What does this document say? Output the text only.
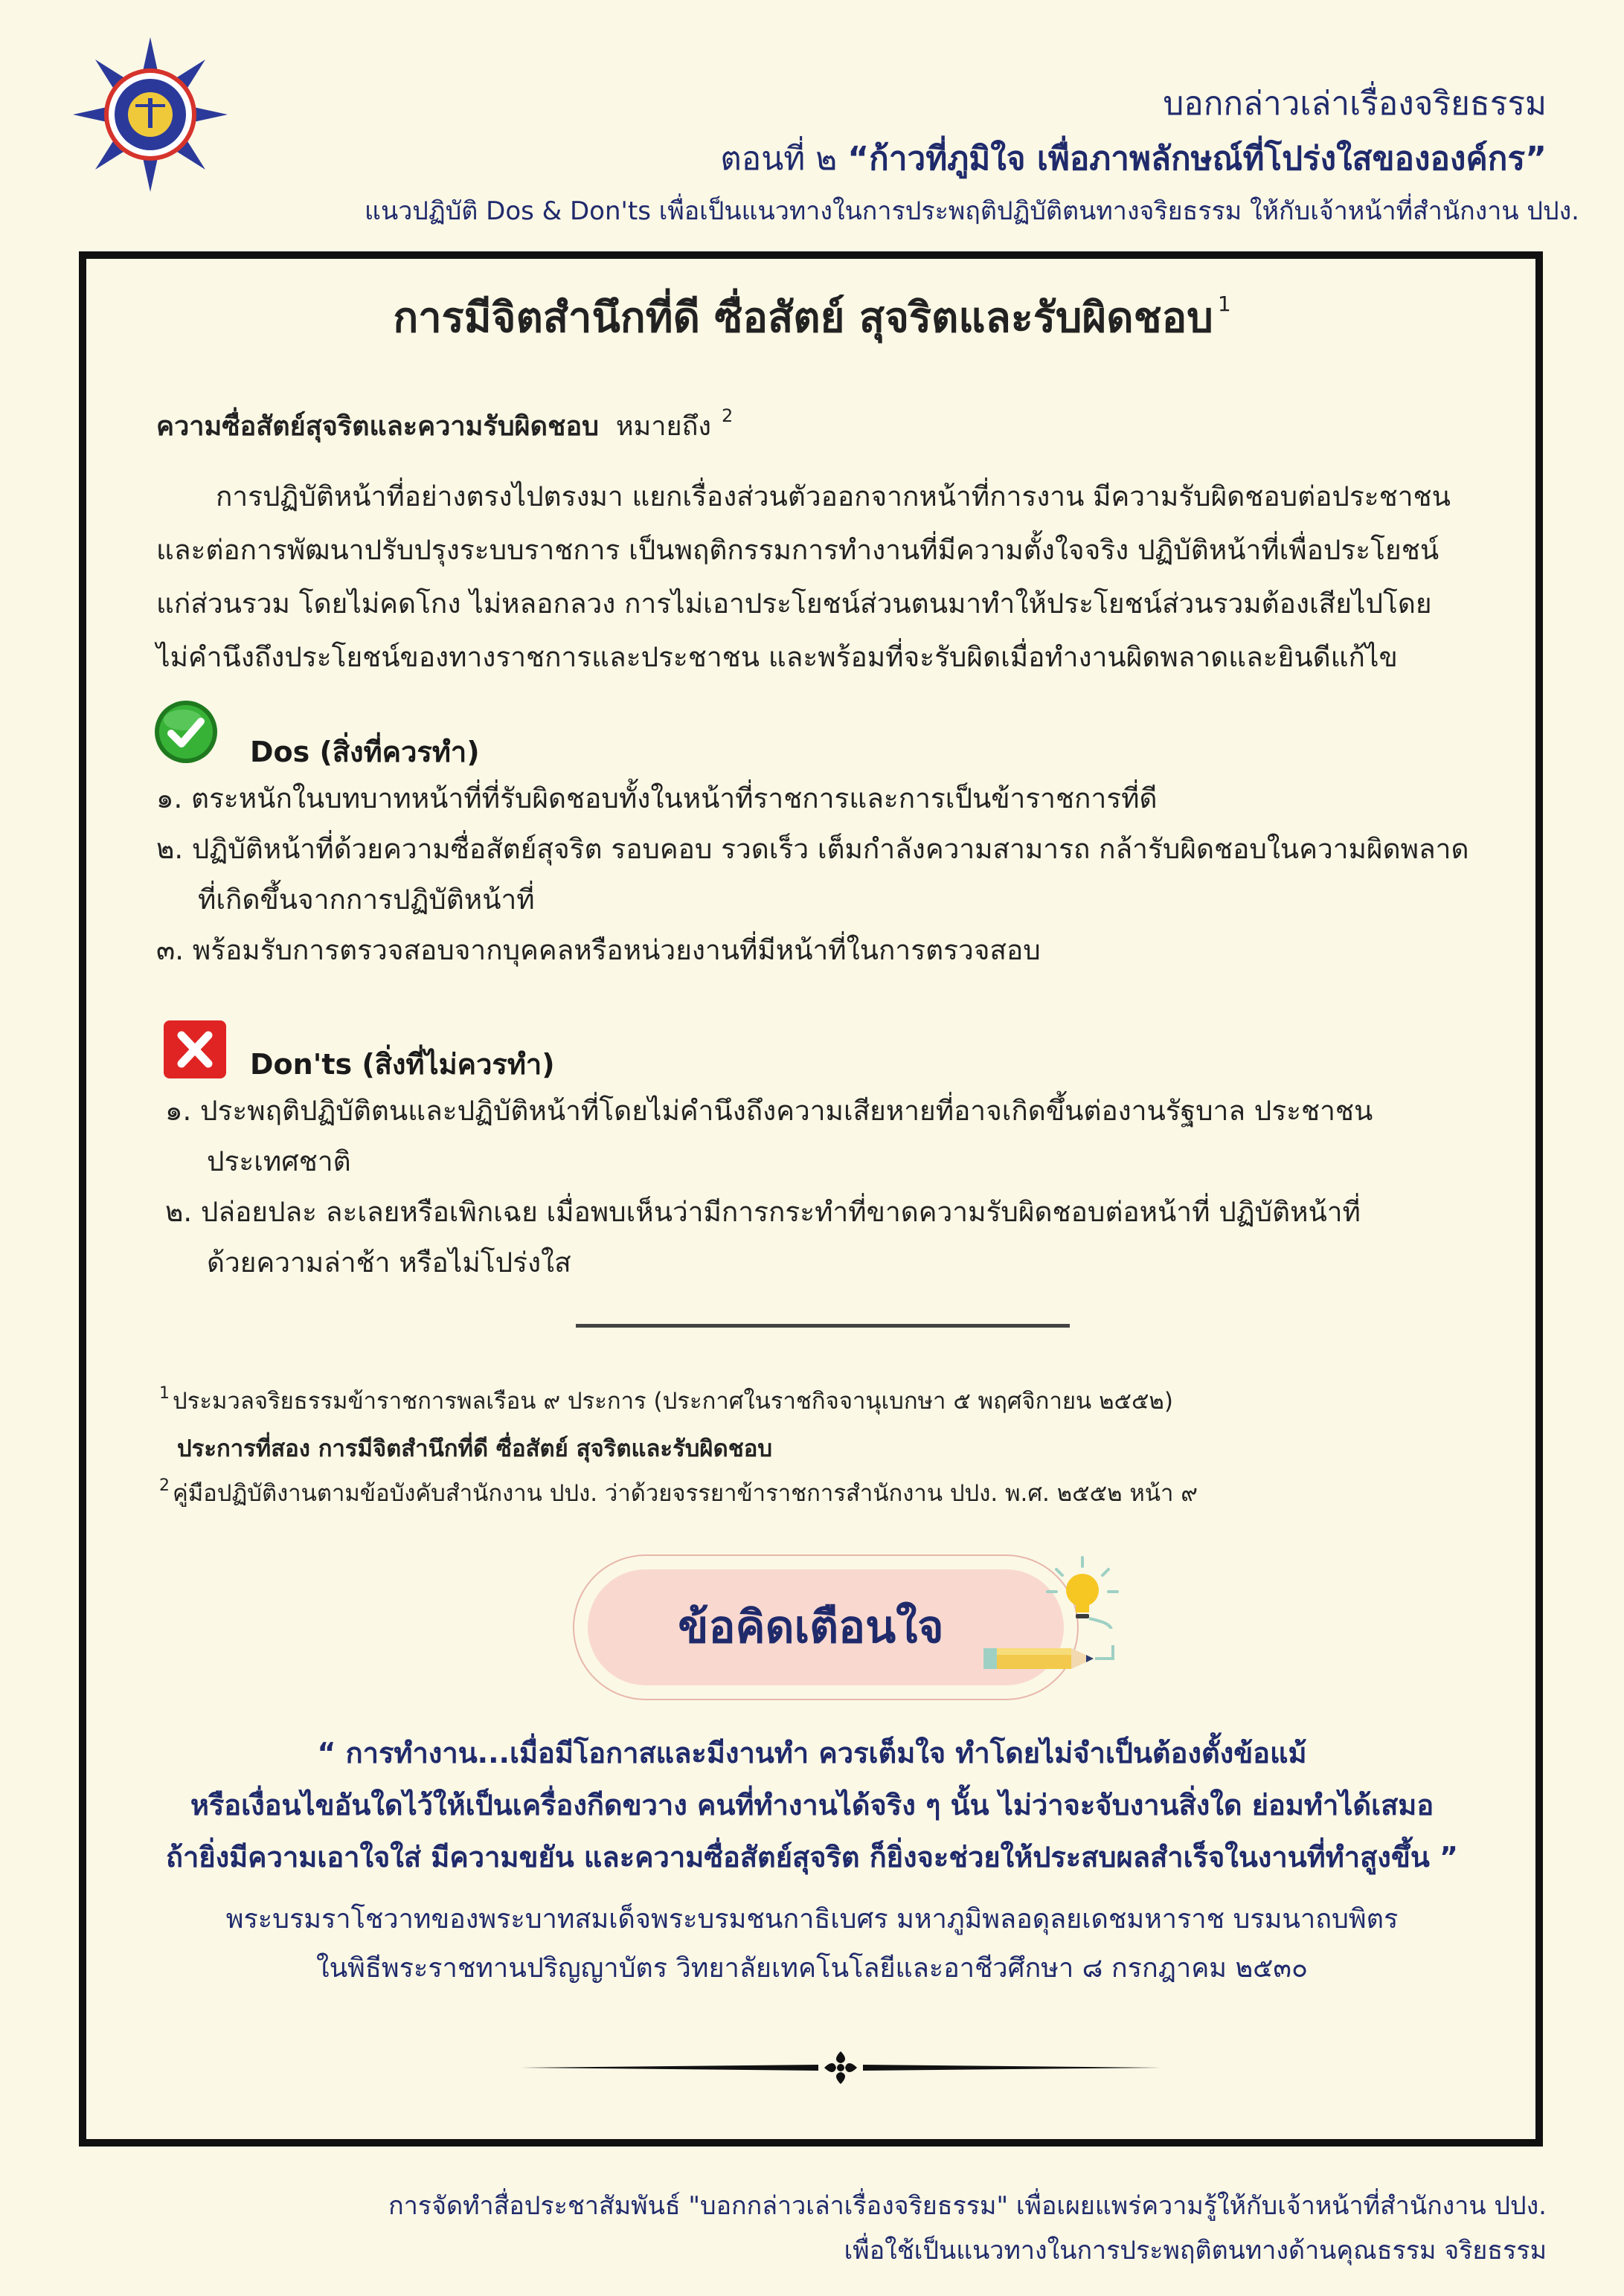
บอกกล่าวเล่าเรื่องจริยธรรม
ตอนที่ ๒ “ก้าวที่ภูมิใจ เพื่อภาพลักษณ์ที่โปร่งใสขององค์กร”
แนวปฏิบัติ Dos & Don'ts เพื่อเป็นแนวทางในการประพฤติปฏิบัติตนทางจริยธรรม ให้กับเจ้าหน้าที่สำนักงาน ปปง.
การมีจิตสำนึกที่ดี ซื่อสัตย์ สุจริตและรับผิดชอบ $^1$
ความซื่อสัตย์สุจริตและความรับผิดชอบ หมายถึง $^2$
การปฏิบัติหน้าที่อย่างตรงไปตรงมา แยกเรื่องส่วนตัวออกจากหน้าที่การงาน มีความรับผิดชอบต่อประชาชน
และต่อการพัฒนาปรับปรุงระบบราชการ เป็นพฤติกรรมการทำงานที่มีความตั้งใจจริง ปฏิบัติหน้าที่เพื่อประโยชน์
แก่ส่วนรวม โดยไม่คดโกง ไม่หลอกลวง การไม่เอาประโยชน์ส่วนตนมาทำให้ประโยชน์ส่วนรวมต้องเสียไปโดย
ไม่คำนึงถึงประโยชน์ของทางราชการและประชาชน และพร้อมที่จะรับผิดเมื่อทำงานผิดพลาดและยินดีแก้ไข
Dos (สิ่งที่ควรทำ)
๑. ตระหนักในบทบาทหน้าที่ที่รับผิดชอบทั้งในหน้าที่ราชการและการเป็นข้าราชการที่ดี
๒. ปฏิบัติหน้าที่ด้วยความซื่อสัตย์สุจริต รอบคอบ รวดเร็ว เต็มกำลังความสามารถ กล้ารับผิดชอบในความผิดพลาด
ที่เกิดขึ้นจากการปฏิบัติหน้าที่
๓. พร้อมรับการตรวจสอบจากบุคคลหรือหน่วยงานที่มีหน้าที่ในการตรวจสอบ
Don'ts (สิ่งที่ไม่ควรทำ)
๑. ประพฤติปฏิบัติตนและปฏิบัติหน้าที่โดยไม่คำนึงถึงความเสียหายที่อาจเกิดขึ้นต่องานรัฐบาล ประชาชน
ประเทศชาติ
๒. ปล่อยปละ ละเลยหรือเพิกเฉย เมื่อพบเห็นว่ามีการกระทำที่ขาดความรับผิดชอบต่อหน้าที่ ปฏิบัติหน้าที่
ด้วยความล่าช้า หรือไม่โปร่งใส
$^1$ ประมวลจริยธรรมข้าราชการพลเรือน ๙ ประการ (ประกาศในราชกิจจานุเบกษา ๕ พฤศจิกายน ๒๕๕๒)
ประการที่สอง การมีจิตสำนึกที่ดี ซื่อสัตย์ สุจริตและรับผิดชอบ
$^2$ คู่มือปฏิบัติงานตามข้อบังคับสำนักงาน ปปง. ว่าด้วยจรรยาข้าราชการสำนักงาน ปปง. พ.ศ. ๒๕๕๒ หน้า ๙
ข้อคิดเตือนใจ
“ การทำงาน...เมื่อมีโอกาสและมีงานทำ ควรเต็มใจ ทำโดยไม่จำเป็นต้องตั้งข้อแม้
หรือเงื่อนไขอันใดไว้ให้เป็นเครื่องกีดขวาง คนที่ทำงานได้จริง ๆ นั้น ไม่ว่าจะจับงานสิ่งใด ย่อมทำได้เสมอ
ถ้ายิ่งมีความเอาใจใส่ มีความขยัน และความซื่อสัตย์สุจริต ก็ยิ่งจะช่วยให้ประสบผลสำเร็จในงานที่ทำสูงขึ้น ”
พระบรมราโชวาทของพระบาทสมเด็จพระบรมชนกาธิเบศร มหาภูมิพลอดุลยเดชมหาราช บรมนาถบพิตร
ในพิธีพระราชทานปริญญาบัตร วิทยาลัยเทคโนโลยีและอาชีวศึกษา ๘ กรกฎาคม ๒๕๓๐
การจัดทำสื่อประชาสัมพันธ์ "บอกกล่าวเล่าเรื่องจริยธรรม" เพื่อเผยแพร่ความรู้ให้กับเจ้าหน้าที่สำนักงาน ปปง.
เพื่อใช้เป็นแนวทางในการประพฤติตนทางด้านคุณธรรม จริยธรรม
